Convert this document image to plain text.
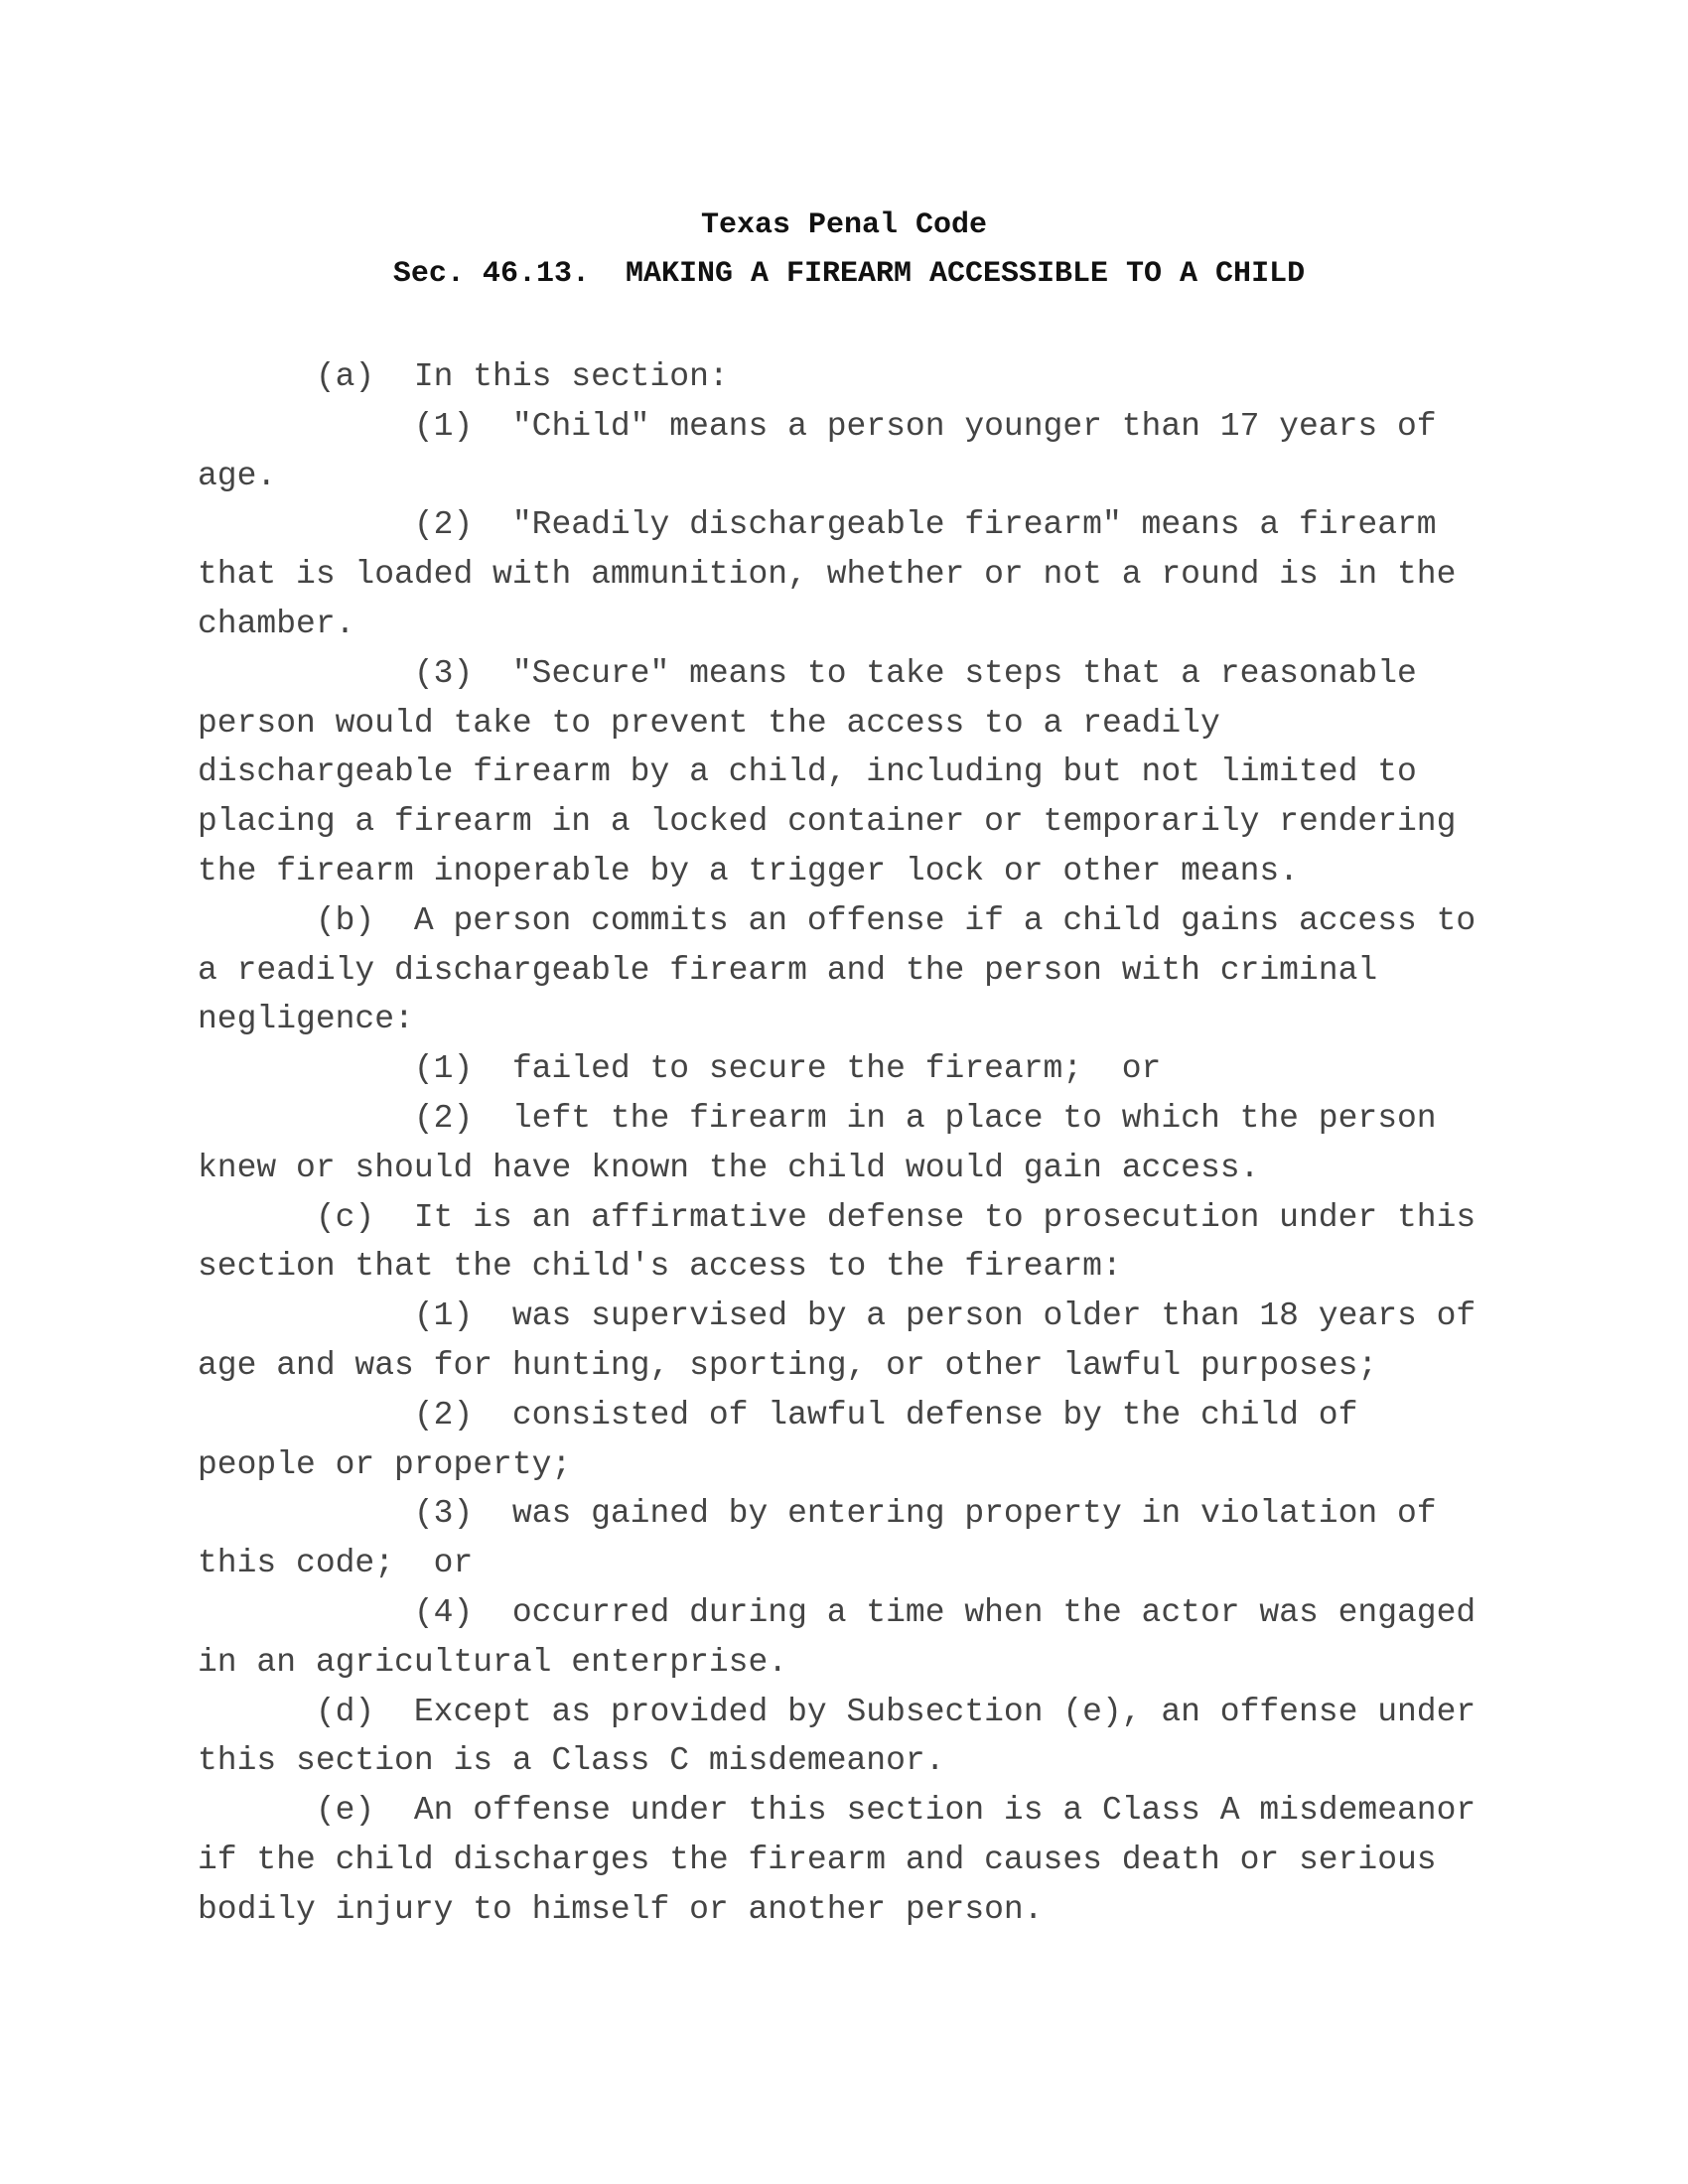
Texas Penal Code
Sec. 46.13.  MAKING A FIREARM ACCESSIBLE TO A CHILD
(a)  In this section:
(1)  "Child" means a person younger than 17 years of
age.
(2)  "Readily dischargeable firearm" means a firearm
that is loaded with ammunition, whether or not a round is in the
chamber.
(3)  "Secure" means to take steps that a reasonable
person would take to prevent the access to a readily
dischargeable firearm by a child, including but not limited to
placing a firearm in a locked container or temporarily rendering
the firearm inoperable by a trigger lock or other means.
(b)  A person commits an offense if a child gains access to
a readily dischargeable firearm and the person with criminal
negligence:
(1)  failed to secure the firearm;  or
(2)  left the firearm in a place to which the person
knew or should have known the child would gain access.
(c)  It is an affirmative defense to prosecution under this
section that the child's access to the firearm:
(1)  was supervised by a person older than 18 years of
age and was for hunting, sporting, or other lawful purposes;
(2)  consisted of lawful defense by the child of
people or property;
(3)  was gained by entering property in violation of
this code;  or
(4)  occurred during a time when the actor was engaged
in an agricultural enterprise.
(d)  Except as provided by Subsection (e), an offense under
this section is a Class C misdemeanor.
(e)  An offense under this section is a Class A misdemeanor
if the child discharges the firearm and causes death or serious
bodily injury to himself or another person.
